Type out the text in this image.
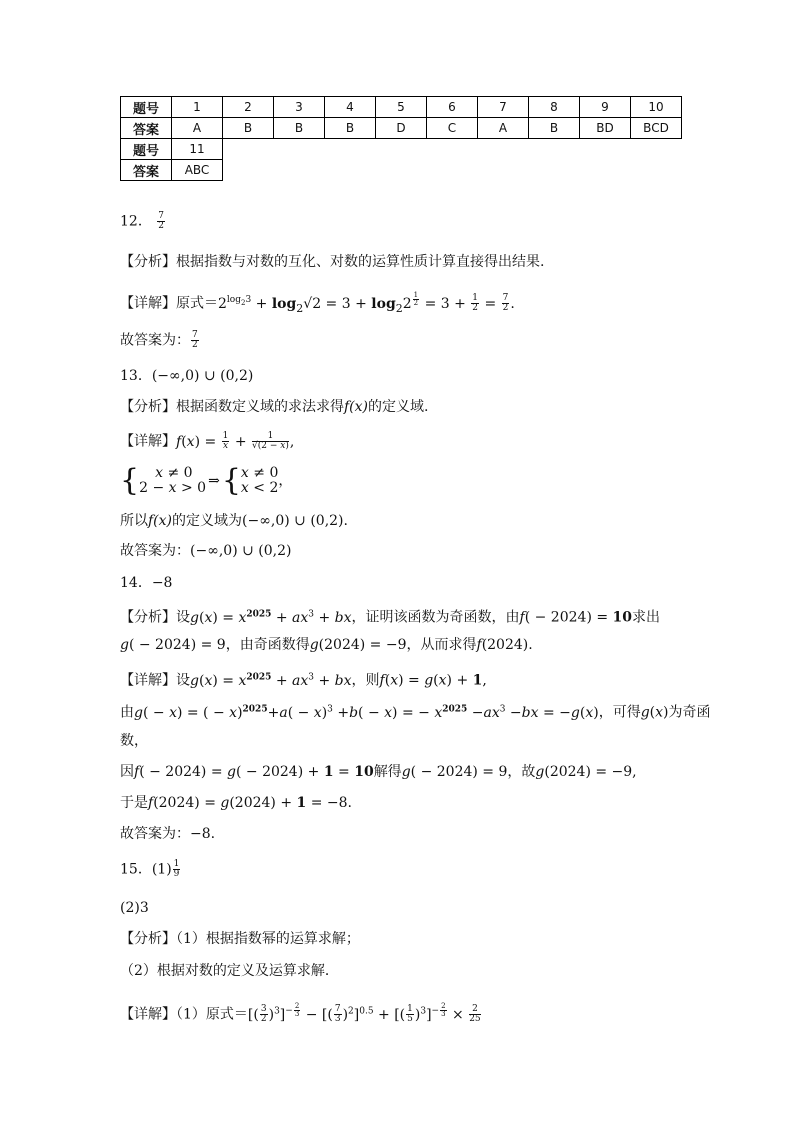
题号	1	2	3	4	5	6	7	8	9	10
答案	A	B	B	B	D	C	A	B	BD	BCD
题号	11									
答案	ABC									
12． $\frac{7}{2}$
【分析】根据指数与对数的互化、对数的运算性质计算直接得出结果.
【详解】原式$=2^{log_23} + \log_2√2 = 3 + \log_22$ $^{\frac{1}{2}} = 3 + \frac{1}{2} = \frac{7}{2}$ .
故答案为： $\frac{7}{2}$
13．(−∞,0) ∪ (0,2)
【分析】根据函数定义域的求法求得f(x)的定义域.
【详解】$f(x) = \frac{1}{x} + \frac{1}{√(2 - x)}$ ,
{	x ≠ 0
2 − x > 0 ⇒ { x ≠ 0
x < 2 ，
所以f(x)的定义域为(−∞,0) ∪ (0,2).
故答案为：(−∞,0) ∪ (0,2)
14．−8
【分析】设$g(x) = x^{2025} + ax^3$ + bx，证明该函数为奇函数，由f( − 2024) = 10求出
g( − 2024) = 9，由奇函数得g(2024) = −9，从而求得f(2024).
【详解】设$g(x) = x^{2025} + ax^3$ + bx，则f(x) = g(x) + 1,
由g( − x) = ( − $x)^{2025}+a( - x)^3 +b( - x)$ = − $x^{2025} -ax^3 -bx = -g(x)$，可得g(x)为奇函
数，
因f( − 2024) = g( − 2024) + 1 = 10解得g( − 2024) = 9，故g(2024) = −9,
于是f(2024) = g(2024) + 1 = −8.
故答案为：−8.
15．$(1) \frac{1}{9}$
(2)3
【分析】（1）根据指数幂的运算求解；
（2）根据对数的定义及运算求解．
【详解】（1）原式＝[( $\frac{3}{2} )^3]^{- \frac{2}{3}}$ − [( $\frac{7}{3} )^2]^{0.5}$ + [( $\frac{1}{5} )^3]^{- \frac{2}{3}} \times \frac{2}{25}$
